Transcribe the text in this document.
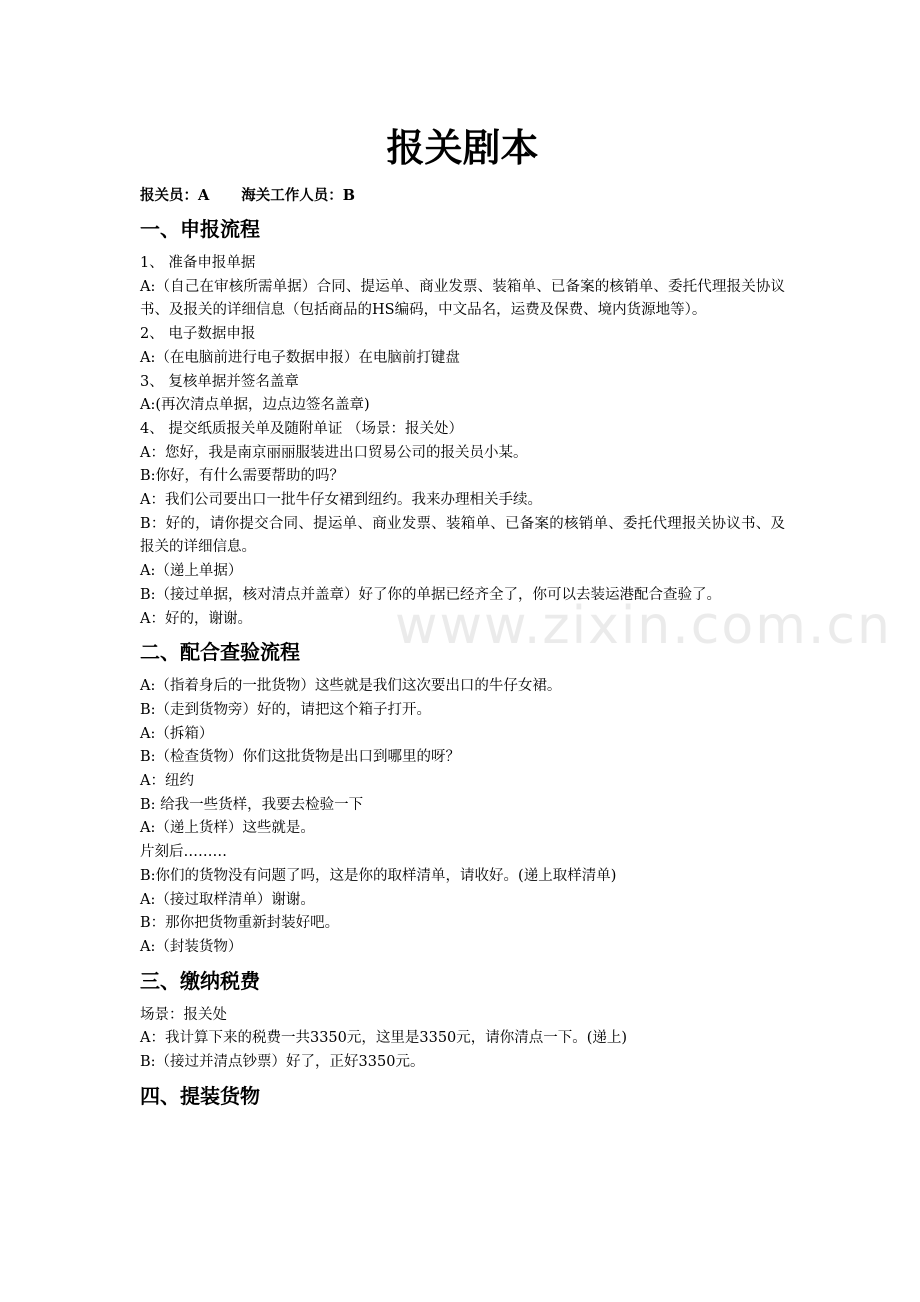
www.zixin.com.cn
报关剧本
报关员：A 海关工作人员：B
一、申报流程
1、 准备申报单据
A:（自己在审核所需单据）合同、提运单、商业发票、装箱单、已备案的核销单、委托代理报关协议书、及报关的详细信息（包括商品的HS编码，中文品名，运费及保费、境内货源地等）。
2、 电子数据申报
A:（在电脑前进行电子数据申报）在电脑前打键盘
3、 复核单据并签名盖章
A:(再次清点单据，边点边签名盖章)
4、 提交纸质报关单及随附单证 （场景：报关处）
A：您好，我是南京丽丽服装进出口贸易公司的报关员小某。
B:你好，有什么需要帮助的吗？
A：我们公司要出口一批牛仔女裙到纽约。我来办理相关手续。
B：好的，请你提交合同、提运单、商业发票、装箱单、已备案的核销单、委托代理报关协议书、及报关的详细信息。
A:（递上单据）
B:（接过单据，核对清点并盖章）好了你的单据已经齐全了，你可以去装运港配合查验了。
A：好的，谢谢。
二、配合查验流程
A:（指着身后的一批货物）这些就是我们这次要出口的牛仔女裙。
B:（走到货物旁）好的，请把这个箱子打开。
A:（拆箱）
B:（检查货物）你们这批货物是出口到哪里的呀？
A：纽约
B: 给我一些货样，我要去检验一下
A:（递上货样）这些就是。
片刻后………
B:你们的货物没有问题了吗，这是你的取样清单，请收好。(递上取样清单)
A:（接过取样清单）谢谢。
B：那你把货物重新封装好吧。
A:（封装货物）
三、缴纳税费
场景：报关处
A：我计算下来的税费一共3350元，这里是3350元，请你清点一下。(递上)
B:（接过并清点钞票）好了，正好3350元。
四、提装货物
